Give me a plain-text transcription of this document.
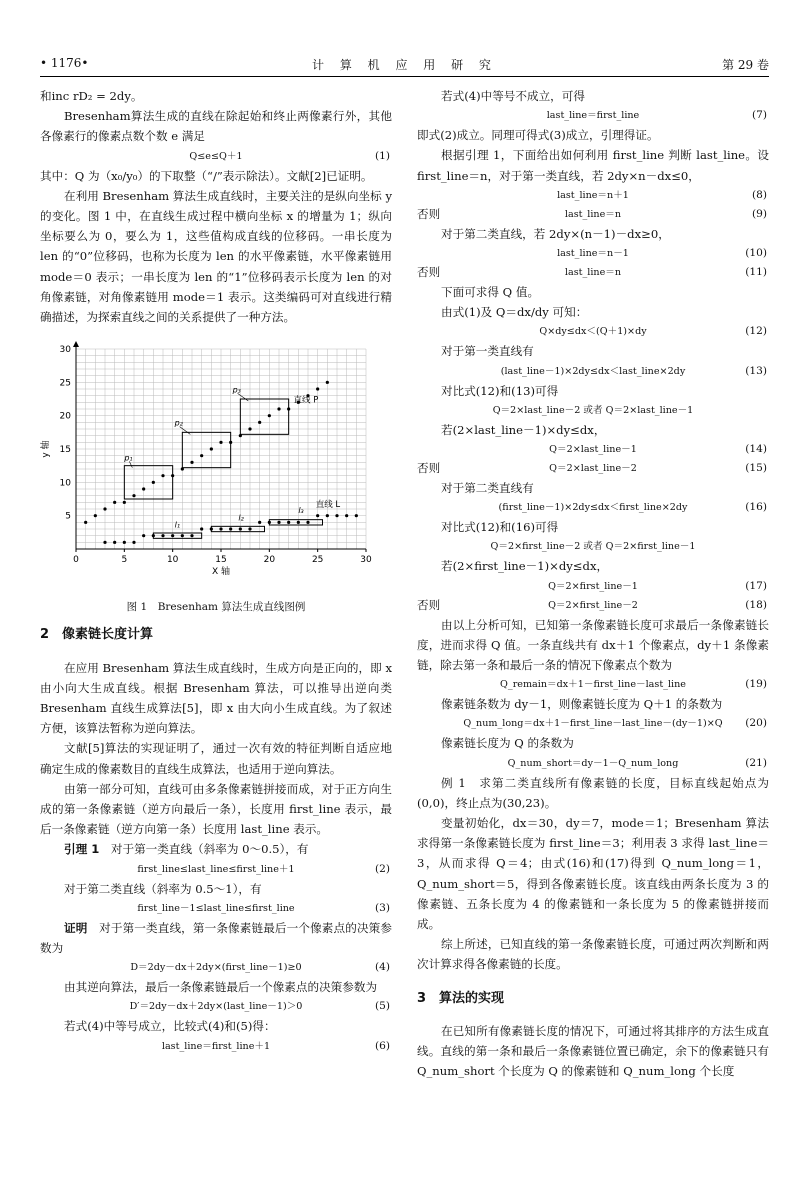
• 1176•	计 算 机 应 用 研 究	第 29 卷

和inc rD₂ = 2dy。

Bresenham算法生成的直线在除起始和终止两像素行外，其他各像素行的像素点数个数 e 满足

Q≤e≤Q＋1	(1)

其中：Q 为（x₀/y₀）的下取整（“/”表示除法）。文献[2]已证明。

在利用 Bresenham 算法生成直线时，主要关注的是纵向坐标 y 的变化。图 1 中，在直线生成过程中横向坐标 x 的增量为 1；纵向坐标要么为 0，要么为 1，这些值构成直线的位移码。一串长度为 len 的“0”位移码，也称为长度为 len 的水平像素链，水平像素链用 mode＝0 表示；一串长度为 len 的“1”位移码表示长度为 len 的对角像素链，对角像素链用 mode＝1 表示。这类编码可对直线进行精确描述，为探索直线之间的关系提供了一种方法。

0	5	10	15	20	25	30
5
10
15
20
25
30
X 轴
y 轴
p₁
p₂
p₃
l₁
l₂
l₃
直线 P
直线 L
图 1　Bresenham 算法生成直线图例
2　像素链长度计算

在应用 Bresenham 算法生成直线时，生成方向是正向的，即 x 由小向大生成直线。根据 Bresenham 算法，可以推导出逆向类 Bresenham 直线生成算法[5]，即 x 由大向小生成直线。为了叙述方便，该算法暂称为逆向算法。

文献[5]算法的实现证明了，通过一次有效的特征判断自适应地确定生成的像素数目的直线生成算法，也适用于逆向算法。

由第一部分可知，直线可由多条像素链拼接而成，对于正方向生成的第一条像素链（逆方向最后一条），长度用 first_line 表示，最后一条像素链（逆方向第一条）长度用 last_line 表示。

引理 1　对于第一类直线（斜率为 0～0.5），有

first_line≤last_line≤first_line＋1	(2)

对于第二类直线（斜率为 0.5～1），有

first_line－1≤last_line≤first_line	(3)

证明　对于第一类直线，第一条像素链最后一个像素点的决策参数为

D＝2dy－dx＋2dy×(first_line－1)≥0	(4)

由其逆向算法，最后一条像素链最后一个像素点的决策参数为

D′＝2dy－dx＋2dy×(last_line－1)＞0	(5)

若式(4)中等号成立，比较式(4)和(5)得：

last_line＝first_line＋1	(6)

若式(4)中等号不成立，可得

last_line＝first_line	(7)

即式(2)成立。同理可得式(3)成立，引理得证。

根据引理 1，下面给出如何利用 first_line 判断 last_line。设 first_line＝n，对于第一类直线，若 2dy×n－dx≤0，

last_line＝n＋1	(8)
否则	last_line＝n	(9)

对于第二类直线，若 2dy×(n－1)－dx≥0，

last_line＝n－1	(10)
否则	last_line＝n	(11)

下面可求得 Q 值。

由式(1)及 Q＝dx/dy 可知：

Q×dy≤dx＜(Q＋1)×dy	(12)

对于第一类直线有

(last_line－1)×2dy≤dx＜last_line×2dy	(13)

对比式(12)和(13)可得

Q＝2×last_line－2 或者 Q＝2×last_line－1

若(2×last_line－1)×dy≤dx，

Q＝2×last_line－1	(14)
否则	Q＝2×last_line－2	(15)

对于第二类直线有

(first_line－1)×2dy≤dx＜first_line×2dy	(16)

对比式(12)和(16)可得

Q＝2×first_line－2 或者 Q＝2×first_line－1

若(2×first_line－1)×dy≤dx，

Q＝2×first_line－1	(17)
否则	Q＝2×first_line－2	(18)

由以上分析可知，已知第一条像素链长度可求最后一条像素链长度，进而求得 Q 值。一条直线共有 dx＋1 个像素点，dy＋1 条像素链，除去第一条和最后一条的情况下像素点个数为

Q_remain＝dx＋1－first_line－last_line	(19)

像素链条数为 dy－1，则像素链长度为 Q＋1 的条数为

Q_num_long＝dx＋1－first_line－last_line－(dy－1)×Q (20)

像素链长度为 Q 的条数为

Q_num_short＝dy－1－Q_num_long	(21)

例 1　求第二类直线所有像素链的长度，目标直线起始点为(0,0)，终止点为(30,23)。

变量初始化，dx＝30，dy＝7，mode＝1；Bresenham 算法求得第一条像素链长度为 first_line＝3；利用表 3 求得 last_line＝3，从而求得 Q＝4；由式(16)和(17)得到 Q_num_long＝1，Q_num_short＝5，得到各像素链长度。该直线由两条长度为 3 的像素链、五条长度为 4 的像素链和一条长度为 5 的像素链拼接而成。

综上所述，已知直线的第一条像素链长度，可通过两次判断和两次计算求得各像素链的长度。

3　算法的实现

在已知所有像素链长度的情况下，可通过将其排序的方法生成直线。直线的第一条和最后一条像素链位置已确定，余下的像素链只有 Q_num_short 个长度为 Q 的像素链和 Q_num_long 个长度
